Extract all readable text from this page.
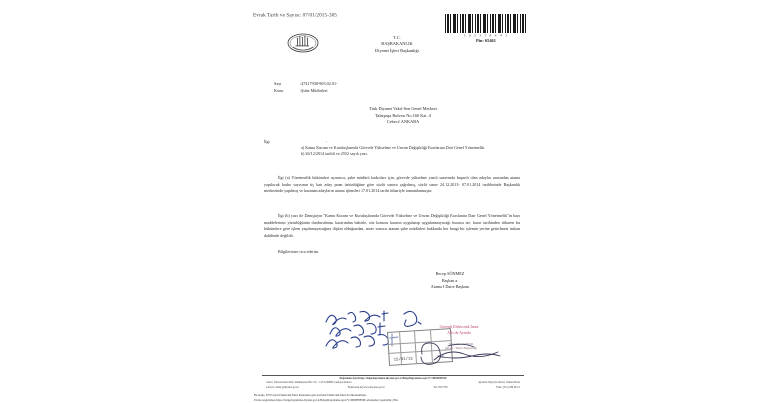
Evrak Tarih ve Sayısı: 07/01/2015-305
1 0 5 3 7 9 4 4 3
Pin: 65461
T.C.
BAŞBAKANLIK
Diyanet İşleri Başkanlığı
Sayı	:47417938-903.02.01-
Konu	:Şube Müdürleri
Türk Diyanet Vakıf-Sen Genel Merkezi
Talatpaşa Bulvarı No:160 Kat :4
Cebeci/ ANKARA
İlgi	:
a) Kamu Kurum ve Kuruluşlarında Görevde Yükselme ve Unvan Değişikliği Esaslarına Dair Genel Yönetmelik.
b) 26/12/2014 tarihli ve 2552 sayılı yazı.
İlgi (a) Yönetmelik hükümleri uyarınca, şube müdürü kadroları için, görevde yükselme yazılı sınavında başarılı olan adaylar arasından atama yapılacak kadro sayısının üç katı aday puan üstünlüğüne göre sözlü sınava çağrılmış, sözlü sınav 24.12.2013- 07.01.2014 tarihlerinde Başkanlık merkezinde yapılmış ve kazanan adayların atama işlemleri 17.01.2014 tarihi itibariyle tamamlanmıştır.
İlgi (b) yazı ile Danıştayın "Kamu Kurum ve Kuruluşlarında Görevde Yükselme ve Unvan Değişikliği Esaslarına Dair Genel Yönetmelik"in bazı maddelerinin yürürlüğünün durdurulması kararından bahisle, söz konusu kararın uygulanıp uygulanmayacağı hususu ise, karar tarihinden itibaren bu hükümlere göre işlem yapılamayacağına ilişkin olduğundan, sınav sonucu atanan şube müdürleri hakkında her hangi bir işlemin yerine getirilmesi imkan dahilinde değildir.
Bilgilerinize rica ederim.
Recep SÖNMEZ
Başkan a.
Atama I Daire Başkanı
15/01/15
12
Güvenli Elektronik İmza
Aslı ile Aynıdır
Nuri İsmet DİKER
Şube I / Daire Başkanlığı
Doğrulama İçin:https://belgedogrulama.diyanet.gov.tr/BelgeDogrulama.aspx?V=BD8F8PME
Adres: Üniversiteler Mah. Dumlupınar Blv. No : 147/A 06800 Çankaya/Ankara	Ayrıntılı bilgi için irtibat: Osman Hoda
e-Posta: adam.@diyanet.gov.tr	Elektronik Ağ:www.diyanet.gov.tr	Tel: 2957750	Faks: (312) 286 96 21
Bu belge, 5070 sayılı Elektronik İmza Kanununa göre Güvenli Elektronik İmza ile imzalanmıştır.
Evrak sorgulaması https://belgedogrulama.diyanet.gov.tr/BelgeDogrulama.aspx?V=BD8F8PME adresinden yapılabilir. (Pin:
